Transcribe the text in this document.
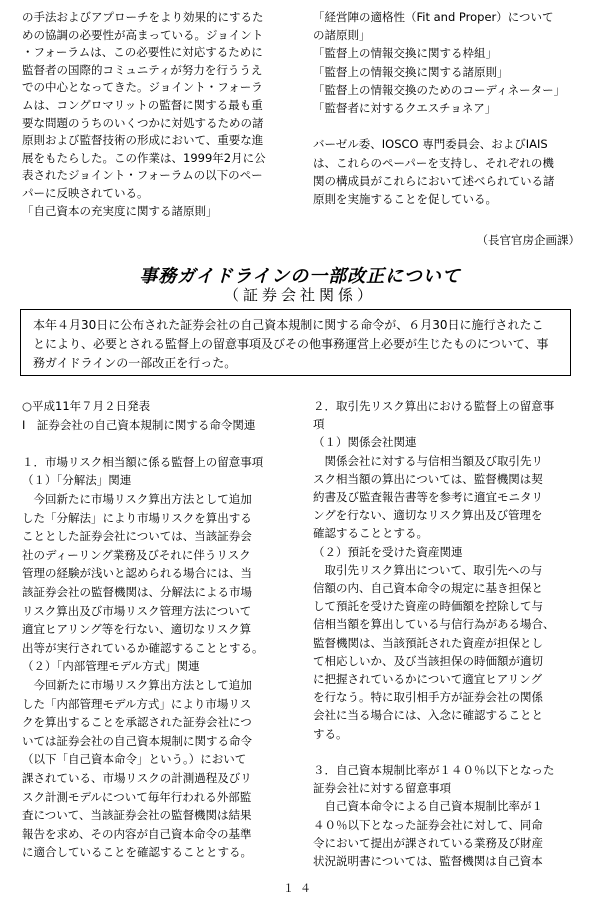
の手法およびアプローチをより効果的にするた
めの協調の必要性が高まっている。ジョイント
・フォーラムは、この必要性に対応するために
監督者の国際的コミュニティが努力を行ううえ
での中心となってきた。ジョイント・フォーラ
ムは、コングロマリットの監督に関する最も重
要な問題のうちのいくつかに対処するための諸
原則および監督技術の形成において、重要な進
展をもたらした。この作業は、1999年2月に公
表されたジョイント・フォーラムの以下のペー
パーに反映されている。
「自己資本の充実度に関する諸原則」
「経営陣の適格性（Fit and Proper）について
の諸原則」
「監督上の情報交換に関する枠組」
「監督上の情報交換に関する諸原則」
「監督上の情報交換のためのコーディネーター」
「監督者に対するクエスチョネア」
バーゼル委、IOSCO 専門委員会、およびIAIS
は、これらのペーパーを支持し、それぞれの機
関の構成員がこれらにおいて述べられている諸
原則を実施することを促している。
（長官官房企画課）
事務ガイドラインの一部改正について
（証券会社関係）
本年４月30日に公布された証券会社の自己資本規制に関する命令が、６月30日に施行されたこ
とにより、必要とされる監督上の留意事項及びその他事務運営上必要が生じたものについて、事
務ガイドラインの一部改正を行った。
○平成11年７月２日発表
Ⅰ　証券会社の自己資本規制に関する命令関連
１．市場リスク相当額に係る監督上の留意事項
（１）「分解法」関連
　今回新たに市場リスク算出方法として追加
した「分解法」により市場リスクを算出する
こととした証券会社については、当該証券会
社のディーリング業務及びそれに伴うリスク
管理の経験が浅いと認められる場合には、当
該証券会社の監督機関は、分解法による市場
リスク算出及び市場リスク管理方法について
適宜ヒアリング等を行ない、適切なリスク算
出等が実行されているか確認することとする。
（２）「内部管理モデル方式」関連
　今回新たに市場リスク算出方法として追加
した「内部管理モデル方式」により市場リス
クを算出することを承認された証券会社につ
いては証券会社の自己資本規制に関する命令
（以下「自己資本命令」という。）において
課されている、市場リスクの計測過程及びリ
スク計測モデルについて毎年行われる外部監
査について、当該証券会社の監督機関は結果
報告を求め、その内容が自己資本命令の基準
に適合していることを確認することとする。
２．取引先リスク算出における監督上の留意事
項
（１）関係会社関連
　関係会社に対する与信相当額及び取引先リ
スク相当額の算出については、監督機関は契
約書及び監査報告書等を参考に適宜モニタリ
ングを行ない、適切なリスク算出及び管理を
確認することとする。
（２）預託を受けた資産関連
　取引先リスク算出について、取引先への与
信額の内、自己資本命令の規定に基き担保と
して預託を受けた資産の時価額を控除して与
信相当額を算出している与信行為がある場合、
監督機関は、当該預託された資産が担保とし
て相応しいか、及び当該担保の時価額が適切
に把握されているかについて適宜ヒアリング
を行なう。特に取引相手方が証券会社の関係
会社に当る場合には、入念に確認することと
する。
３．自己資本規制比率が１４０％以下となった
証券会社に対する留意事項
　自己資本命令による自己資本規制比率が１
４０％以下となった証券会社に対して、同命
令において提出が課されている業務及び財産
状況説明書については、監督機関は自己資本
１４
